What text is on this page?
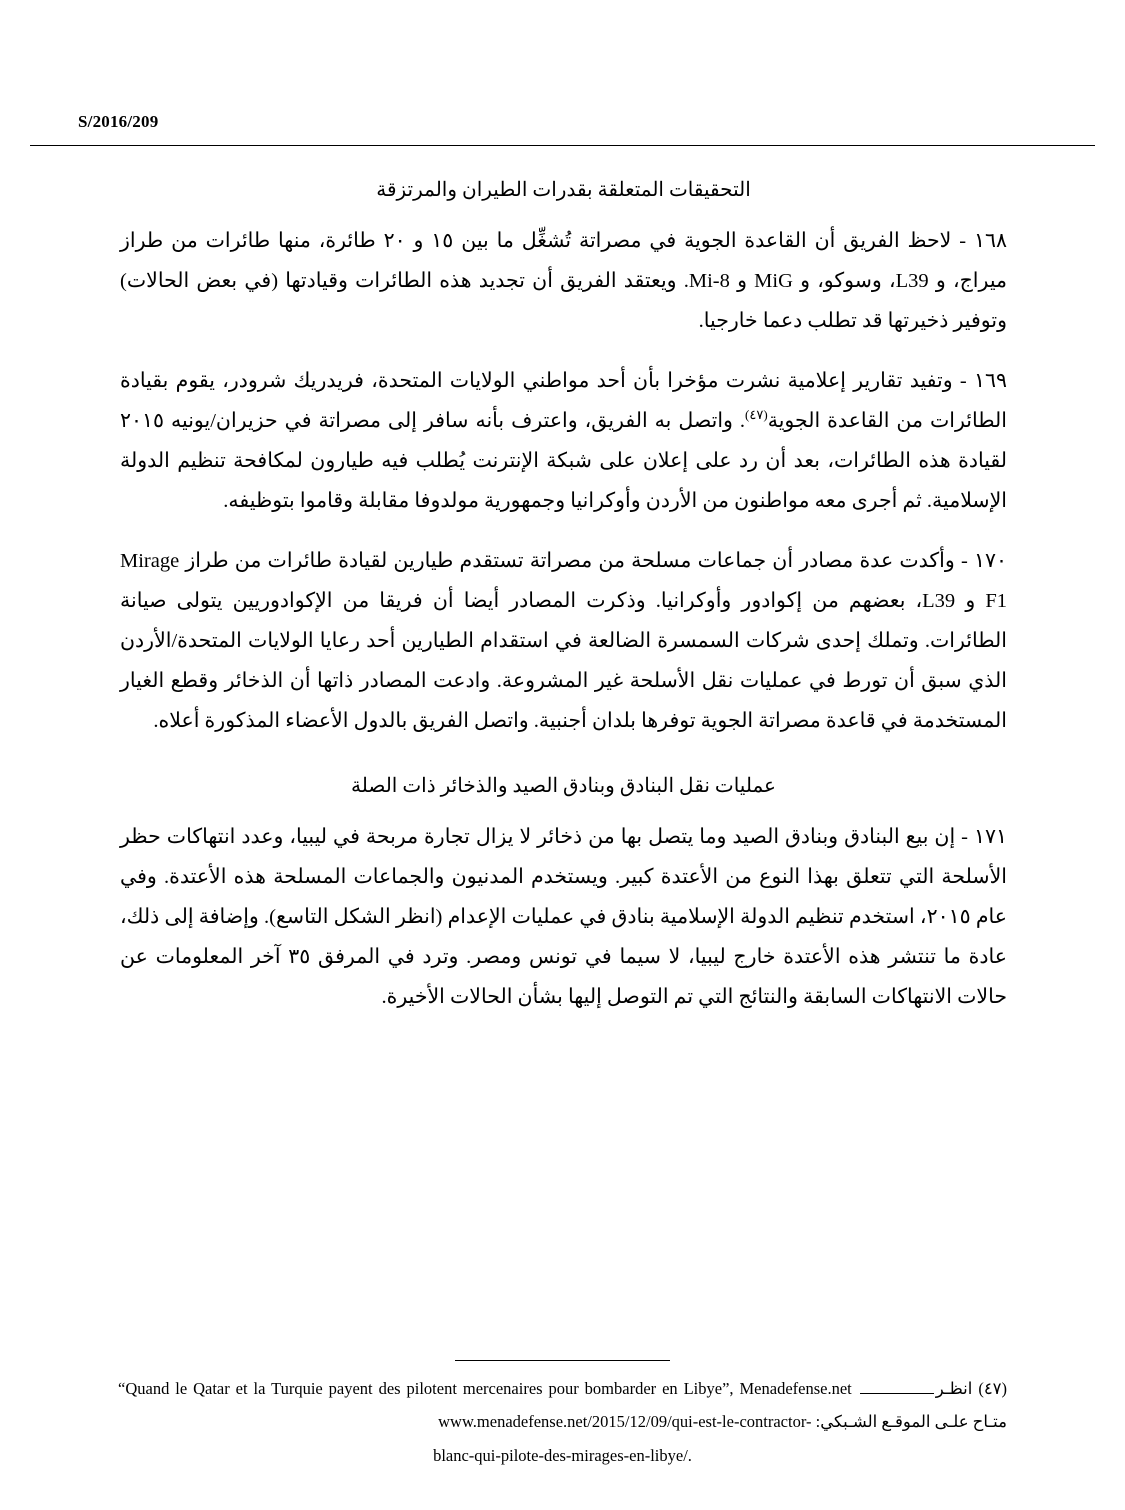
S/2016/209
التحقيقات المتعلقة بقدرات الطيران والمرتزقة

١٦٨ - لاحظ الفريق أن القاعدة الجوية في مصراتة تُشغِّل ما بين ١٥ و ٢٠ طائرة، منها طائرات من طراز ميراج، و L39، وسوكو، و MiG و Mi-8. ويعتقد الفريق أن تجديد هذه الطائرات وقيادتها (في بعض الحالات) وتوفير ذخيرتها قد تطلب دعما خارجيا.

١٦٩ - وتفيد تقارير إعلامية نشرت مؤخرا بأن أحد مواطني الولايات المتحدة، فريدريك شرودر، يقوم بقيادة الطائرات من القاعدة الجوية$^{(٤٧)}$. واتصل به الفريق، واعترف بأنه سافر إلى مصراتة في حزيران/يونيه ٢٠١٥ لقيادة هذه الطائرات، بعد أن رد على إعلان على شبكة الإنترنت يُطلب فيه طيارون لمكافحة تنظيم الدولة الإسلامية. ثم أجرى معه مواطنون من الأردن وأوكرانيا وجمهورية مولدوفا مقابلة وقاموا بتوظيفه.

١٧٠ - وأكدت عدة مصادر أن جماعات مسلحة من مصراتة تستقدم طيارين لقيادة طائرات من طراز Mirage F1 و L39، بعضهم من إكوادور وأوكرانيا. وذكرت المصادر أيضا أن فريقا من الإكوادوريين يتولى صيانة الطائرات. وتملك إحدى شركات السمسرة الضالعة في استقدام الطيارين أحد رعايا الولايات المتحدة/الأردن الذي سبق أن تورط في عمليات نقل الأسلحة غير المشروعة. وادعت المصادر ذاتها أن الذخائر وقطع الغيار المستخدمة في قاعدة مصراتة الجوية توفرها بلدان أجنبية. واتصل الفريق بالدول الأعضاء المذكورة أعلاه.

عمليات نقل البنادق وبنادق الصيد والذخائر ذات الصلة

١٧١ - إن بيع البنادق وبنادق الصيد وما يتصل بها من ذخائر لا يزال تجارة مربحة في ليبيا، وعدد انتهاكات حظر الأسلحة التي تتعلق بهذا النوع من الأعتدة كبير. ويستخدم المدنيون والجماعات المسلحة هذه الأعتدة. وفي عام ٢٠١٥، استخدم تنظيم الدولة الإسلامية بنادق في عمليات الإعدام (انظر الشكل التاسع). وإضافة إلى ذلك، عادة ما تنتشر هذه الأعتدة خارج ليبيا، لا سيما في تونس ومصر. وترد في المرفق ٣٥ آخر المعلومات عن حالات الانتهاكات السابقة والنتائج التي تم التوصل إليها بشأن الحالات الأخيرة.

(٤٧) انظـر “Quand le Qatar et la Turquie payent des pilotent mercenaires pour bombarder en Libye”, Menadefense.net متـاح علـى الموقـع الشـبكي: www.menadefense.net/2015/12/09/qui-est-le-contractor-
blanc-qui-pilote-des-mirages-en-libye/.
